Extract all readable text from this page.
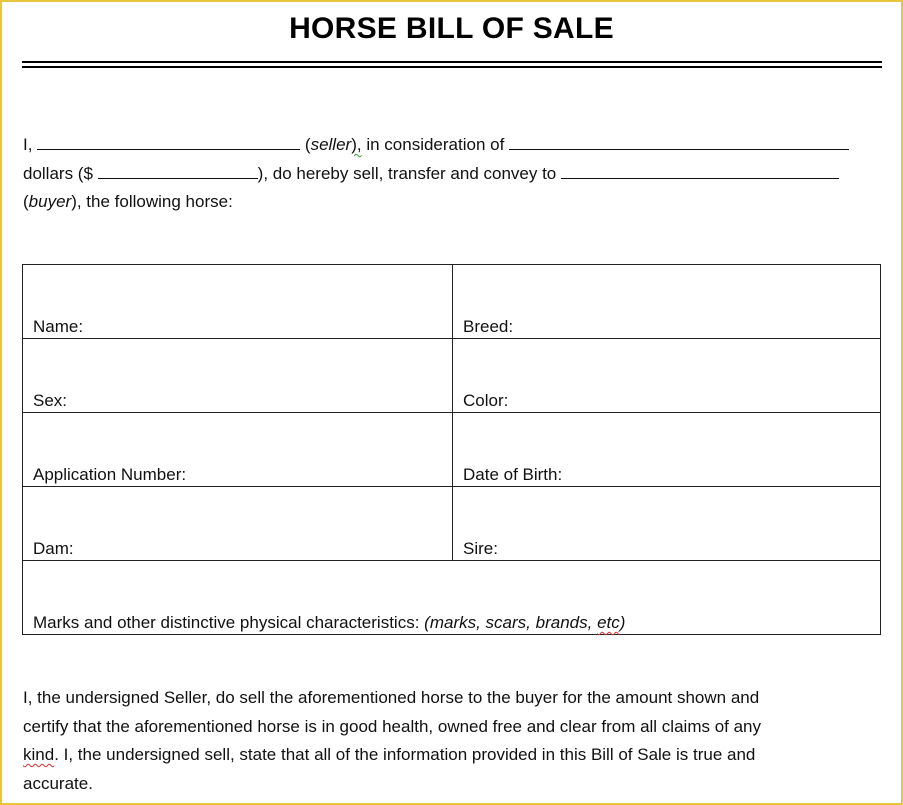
HORSE BILL OF SALE
I,	(seller), in consideration of
dollars ($	), do hereby sell, transfer and convey to
(buyer), the following horse:
Name:	Breed:
Sex:	Color:
Application Number:	Date of Birth:
Dam:	Sire:
Marks and other distinctive physical characteristics: (marks, scars, brands, etc)	
I, the undersigned Seller, do sell the aforementioned horse to the buyer for the amount shown and
certify that the aforementioned horse is in good health, owned free and clear from all claims of any
kind. I, the undersigned sell, state that all of the information provided in this Bill of Sale is true and
accurate.
